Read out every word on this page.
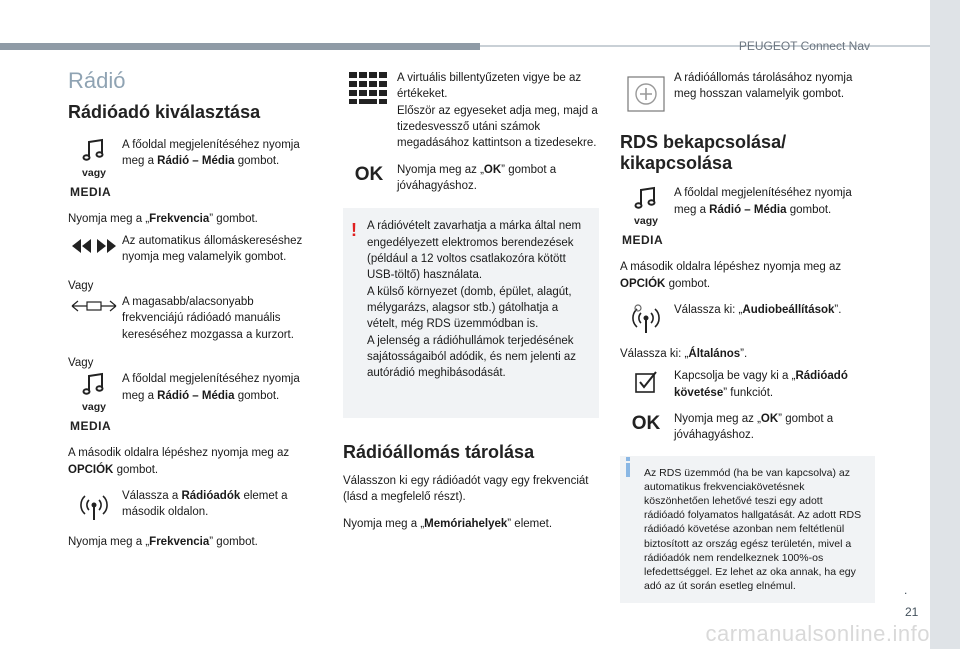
PEUGEOT Connect Nav
Rádió
Rádióadó kiválasztása
vagy

A főoldal megjelenítéséhez nyomja meg a Rádió – Média gombot.

MEDIA

Nyomja meg a „Frekvencia” gombot.

Az automatikus állomáskereséshez nyomja meg valamelyik gombot.

Vagy

A magasabb/alacsonyabb frekvenciájú rádióadó manuális kereséséhez mozgassa a kurzort.

Vagy

vagy

A főoldal megjelenítéséhez nyomja meg a Rádió – Média gombot.

MEDIA

A második oldalra lépéshez nyomja meg az OPCIÓK gombot.

Válassza a Rádióadók elemet a második oldalon.

Nyomja meg a „Frekvencia” gombot.

A virtuális billentyűzeten vigye be az értékeket.
Először az egyeseket adja meg, majd a tizedesvessző utáni számok megadásához kattintson a tizedesekre.

OK Nyomja meg az „OK” gombot a jóváhagyáshoz.

! A rádióvételt zavarhatja a márka által nem engedélyezett elektromos berendezések (például a 12 voltos csatlakozóra kötött USB-töltő) használata.
A külső környezet (domb, épület, alagút, mélygarázs, alagsor stb.) gátolhatja a vételt, még RDS üzemmódban is.
A jelenség a rádióhullámok terjedésének sajátosságaiból adódik, és nem jelenti az autórádió meghibásodását.

Rádióállomás tárolása

Válasszon ki egy rádióadót vagy egy frekvenciát
(lásd a megfelelő részt).

Nyomja meg a „Memóriahelyek” elemet.

A rádióállomás tárolásához nyomja meg hosszan valamelyik gombot.

RDS bekapcsolása/
kikapcsolása
vagy

A főoldal megjelenítéséhez nyomja meg a Rádió – Média gombot.

MEDIA

A második oldalra lépéshez nyomja meg az OPCIÓK gombot.

Válassza ki: „Audiobeállítások”.

Válassza ki: „Általános”.

Kapcsolja be vagy ki a „Rádióadó követése” funkciót.

OK Nyomja meg az „OK” gombot a jóváhagyáshoz.

Az RDS üzemmód (ha be van kapcsolva) az automatikus frekvenciakövetésnek köszönhetően lehetővé teszi egy adott rádióadó folyamatos hallgatását. Az adott RDS rádióadó követése azonban nem feltétlenül biztosított az ország egész területén, mivel a rádióadók nem rendelkeznek 100%-os lefedettséggel. Ez lehet az oka annak, ha egy adó az út során esetleg elnémul.	.
21
carmanualsonline.info
